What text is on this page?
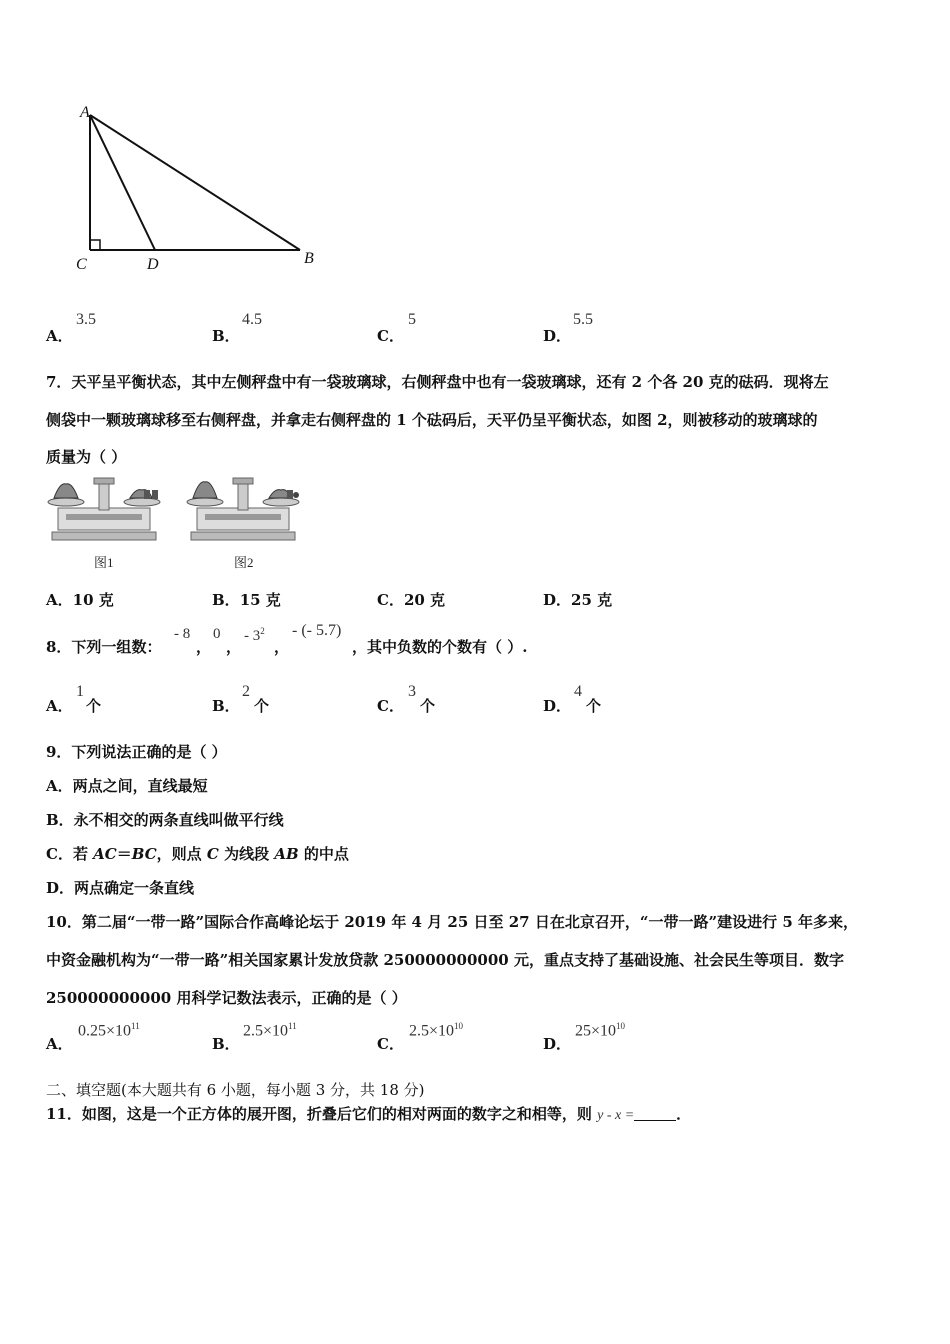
A
C	D	B
A．
3.5
B．
4.5
C．
5
D．
5.5
7．天平呈平衡状态，其中左侧秤盘中有一袋玻璃球，右侧秤盘中也有一袋玻璃球，还有 2 个各 20 克的砝码．现将左
侧袋中一颗玻璃球移至右侧秤盘，并拿走右侧秤盘的 1 个砝码后，天平仍呈平衡状态，如图 2，则被移动的玻璃球的
质量为（ ）
图1	图2
A．10 克	B．15 克	C．20 克	D．25 克
8．下列一组数：
- 8
，
0
，
- $3^2$
，
- (- 5.7)
，其中负数的个数有（ ）.
A．
1
个	B．
2
个	C．
3
个	D．
4
个
9．下列说法正确的是（ ）
A．两点之间，直线最短
B．永不相交的两条直线叫做平行线
C．若 AC＝BC，则点 C 为线段 AB 的中点
D．两点确定一条直线
10．第二届“一带一路”国际合作高峰论坛于 2019 年 4 月 25 日至 27 日在北京召开，“一带一路”建设进行 5 年多来，
中资金融机构为“一带一路”相关国家累计发放贷款 250000000000 元，重点支持了基础设施、社会民生等项目．数字
250000000000 用科学记数法表示，正确的是（ ）
A．
$0.25\times 10^{11}$
B．
$2.5\times 10^{11}$
C．
$2.5\times 10^{10}$
D．
$25\times 10^{10}$
二、填空题(本大题共有 6 小题，每小题 3 分，共 18 分)
11．如图，这是一个正方体的展开图，折叠后它们的相对两面的数字之和相等，则 y - x =	．
